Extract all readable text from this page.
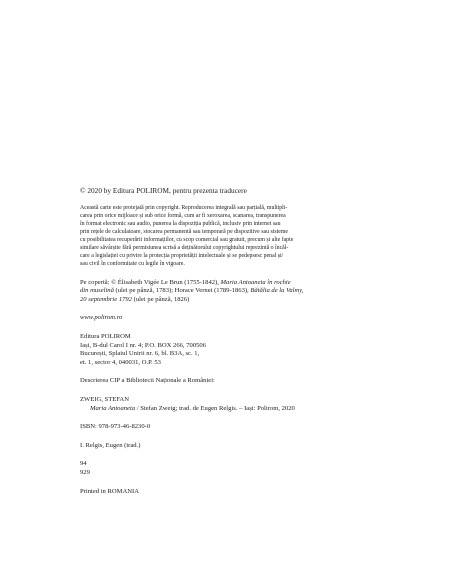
© 2020 by Editura POLIROM, pentru prezenta traducere

Această carte este protejată prin copyright. Reproducerea integrală sau parțială, multipli-
carea prin orice mijloace și sub orice formă, cum ar fi xeroxarea, scanarea, transpunerea
în format electronic sau audio, punerea la dispoziția publică, inclusiv prin internet sau
prin rețele de calculatoare, stocarea permanentă sau temporară pe dispozitive sau sisteme
cu posibilitatea recuperării informațiilor, cu scop comercial sau gratuit, precum și alte fapte
similare săvârșite fără permisiunea scrisă a deținătorului copyrightului reprezintă o încăl-
care a legislației cu privire la protecția proprietății intelectuale și se pedepsesc penal și/
sau civil în conformitate cu legile în vigoare.

Pe copertă: © Élisabeth Vigée Le Brun (1755-1842), Maria Antoaneta în rochie
din muselină (ulei pe pânză, 1783); Horace Vernet (1789-1863), Bătălia de la Valmy,
20 septembrie 1792 (ulei pe pânză, 1826)

www.polirom.ro

Editura POLIROM
Iași, B-dul Carol I nr. 4; P.O. BOX 266, 700506
București, Splaiul Unirii nr. 6, bl. B3A, sc. 1,
et. 1, sector 4, 040031, O.P. 53

Descrierea CIP a Bibliotecii Naționale a României:

ZWEIG, STEFAN

Maria Antoaneta / Stefan Zweig; trad. de Eugen Relgis. – Iași: Polirom, 2020

ISBN: 978-973-46-8230-0

I. Relgis, Eugen (trad.)

94
929

Printed in ROMANIA
